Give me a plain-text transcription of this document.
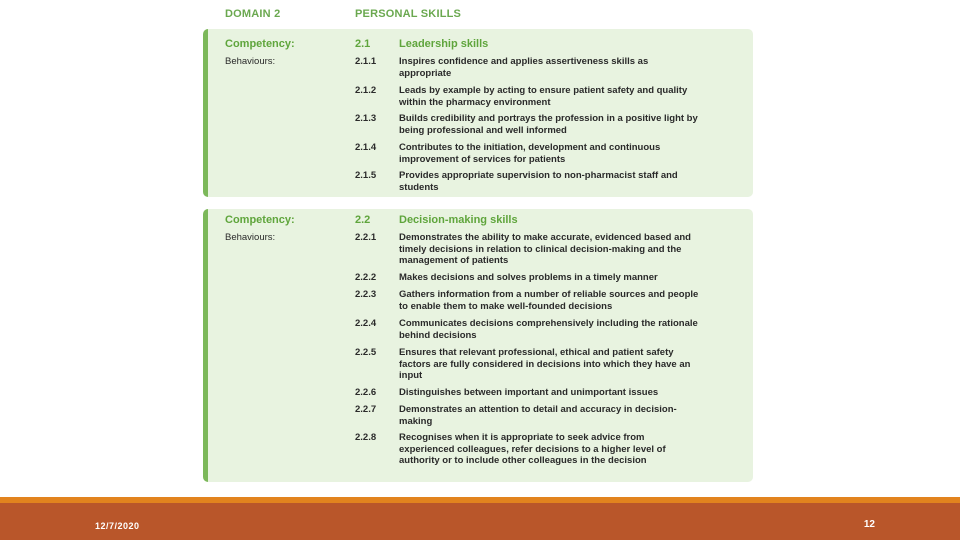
DOMAIN 2	PERSONAL SKILLS
Competency:	2.1	Leadership skills
Behaviours:	2.1.1 Inspires confidence and applies assertiveness skills as appropriate
2.1.2 Leads by example by acting to ensure patient safety and quality within the pharmacy environment
2.1.3 Builds credibility and portrays the profession in a positive light by being professional and well informed
2.1.4 Contributes to the initiation, development and continuous improvement of services for patients
2.1.5 Provides appropriate supervision to non-pharmacist staff and students
Competency:	2.2	Decision-making skills
Behaviours:	2.2.1 Demonstrates the ability to make accurate, evidenced based and timely decisions in relation to clinical decision-making and the management of patients
2.2.2 Makes decisions and solves problems in a timely manner
2.2.3 Gathers information from a number of reliable sources and people to enable them to make well-founded decisions
2.2.4 Communicates decisions comprehensively including the rationale behind decisions
2.2.5 Ensures that relevant professional, ethical and patient safety factors are fully considered in decisions into which they have an input
2.2.6 Distinguishes between important and unimportant issues
2.2.7 Demonstrates an attention to detail and accuracy in decision-making
2.2.8 Recognises when it is appropriate to seek advice from experienced colleagues, refer decisions to a higher level of authority or to include other colleagues in the decision
12/7/2020	12
